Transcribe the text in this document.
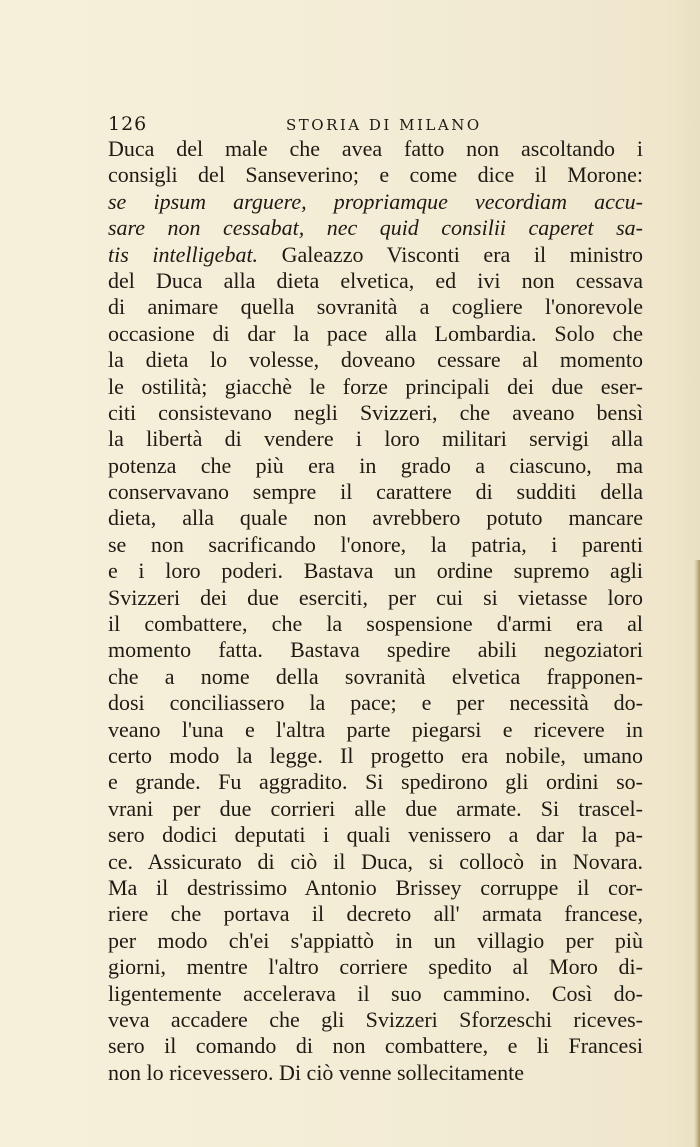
126	STORIA DI MILANO
Duca del male che avea fatto non ascoltando i
consigli del Sanseverino; e come dice il Morone:
se ipsum arguere, propriamque vecordiam accu-
sare non cessabat, nec quid consilii caperet sa-
tis intelligebat. Galeazzo Visconti era il ministro
del Duca alla dieta elvetica, ed ivi non cessava
di animare quella sovranità a cogliere l'onorevole
occasione di dar la pace alla Lombardia. Solo che
la dieta lo volesse, doveano cessare al momento
le ostilità; giacchè le forze principali dei due eser-
citi consistevano negli Svizzeri, che aveano bensì
la libertà di vendere i loro militari servigi alla
potenza che più era in grado a ciascuno, ma
conservavano sempre il carattere di sudditi della
dieta, alla quale non avrebbero potuto mancare
se non sacrificando l'onore, la patria, i parenti
e i loro poderi. Bastava un ordine supremo agli
Svizzeri dei due eserciti, per cui si vietasse loro
il combattere, che la sospensione d'armi era al
momento fatta. Bastava spedire abili negoziatori
che a nome della sovranità elvetica frapponen-
dosi conciliassero la pace; e per necessità do-
veano l'una e l'altra parte piegarsi e ricevere in
certo modo la legge. Il progetto era nobile, umano
e grande. Fu aggradito. Si spedirono gli ordini so-
vrani per due corrieri alle due armate. Si trascel-
sero dodici deputati i quali venissero a dar la pa-
ce. Assicurato di ciò il Duca, si collocò in Novara.
Ma il destrissimo Antonio Brissey corruppe il cor-
riere che portava il decreto all' armata francese,
per modo ch'ei s'appiattò in un villagio per più
giorni, mentre l'altro corriere spedito al Moro di-
ligentemente accelerava il suo cammino. Così do-
veva accadere che gli Svizzeri Sforzeschi riceves-
sero il comando di non combattere, e li Francesi
non lo ricevessero. Di ciò venne sollecitamente
